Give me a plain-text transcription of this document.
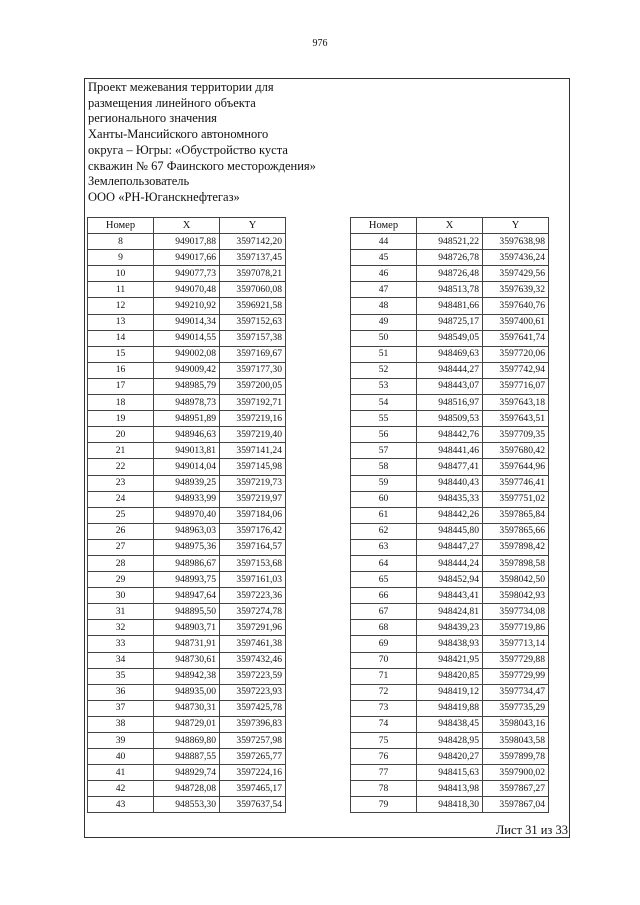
976
Проект межевания территории для
размещения линейного объекта
регионального значения
Ханты-Мансийского автономного
округа – Югры: «Обустройство куста
скважин № 67 Фаинского месторождения»
Землепользователь
ООО «РН-Юганскнефтегаз»
Номер	X	Y
8	949017,88	3597142,20
9	949017,66	3597137,45
10	949077,73	3597078,21
11	949070,48	3597060,08
12	949210,92	3596921,58
13	949014,34	3597152,63
14	949014,55	3597157,38
15	949002,08	3597169,67
16	949009,42	3597177,30
17	948985,79	3597200,05
18	948978,73	3597192,71
19	948951,89	3597219,16
20	948946,63	3597219,40
21	949013,81	3597141,24
22	949014,04	3597145,98
23	948939,25	3597219,73
24	948933,99	3597219,97
25	948970,40	3597184,06
26	948963,03	3597176,42
27	948975,36	3597164,57
28	948986,67	3597153,68
29	948993,75	3597161,03
30	948947,64	3597223,36
31	948895,50	3597274,78
32	948903,71	3597291,96
33	948731,91	3597461,38
34	948730,61	3597432,46
35	948942,38	3597223,59
36	948935,00	3597223,93
37	948730,31	3597425,78
38	948729,01	3597396,83
39	948869,80	3597257,98
40	948887,55	3597265,77
41	948929,74	3597224,16
42	948728,08	3597465,17
43	948553,30	3597637,54
Номер	X	Y
44	948521,22	3597638,98
45	948726,78	3597436,24
46	948726,48	3597429,56
47	948513,78	3597639,32
48	948481,66	3597640,76
49	948725,17	3597400,61
50	948549,05	3597641,74
51	948469,63	3597720,06
52	948444,27	3597742,94
53	948443,07	3597716,07
54	948516,97	3597643,18
55	948509,53	3597643,51
56	948442,76	3597709,35
57	948441,46	3597680,42
58	948477,41	3597644,96
59	948440,43	3597746,41
60	948435,33	3597751,02
61	948442,26	3597865,84
62	948445,80	3597865,66
63	948447,27	3597898,42
64	948444,24	3597898,58
65	948452,94	3598042,50
66	948443,41	3598042,93
67	948424,81	3597734,08
68	948439,23	3597719,86
69	948438,93	3597713,14
70	948421,95	3597729,88
71	948420,85	3597729,99
72	948419,12	3597734,47
73	948419,88	3597735,29
74	948438,45	3598043,16
75	948428,95	3598043,58
76	948420,27	3597899,78
77	948415,63	3597900,02
78	948413,98	3597867,27
79	948418,30	3597867,04
Лист 31 из 33
